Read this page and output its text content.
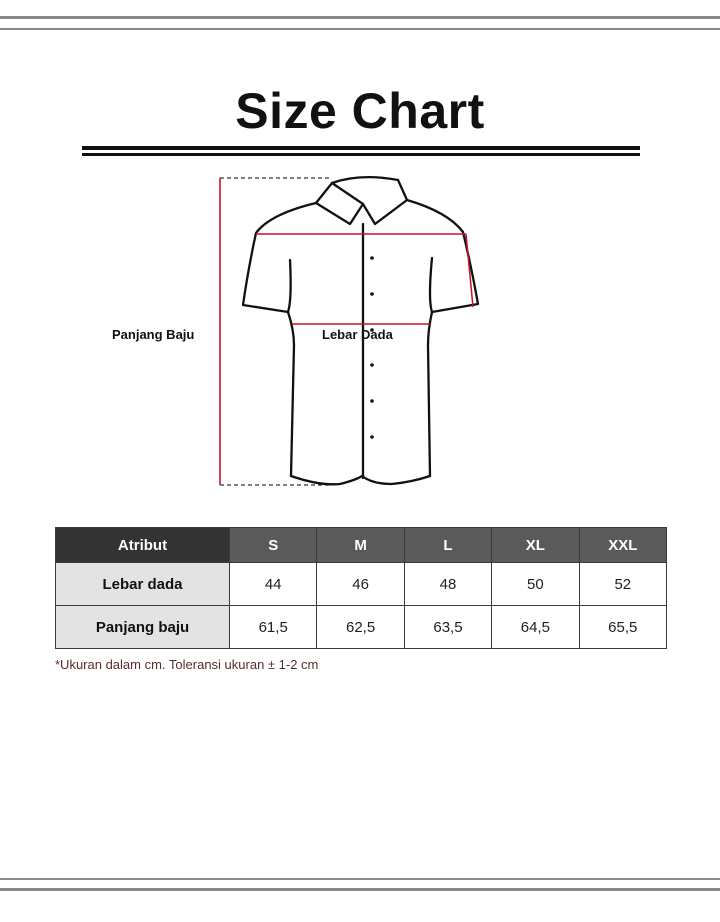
Size Chart
Panjang Baju	Lebar Dada
Atribut	S	M	L	XL	XXL
Lebar dada	44	46	48	50	52
Panjang baju	61,5	62,5	63,5	64,5	65,5
*Ukuran dalam cm. Toleransi ukuran ± 1-2 cm
